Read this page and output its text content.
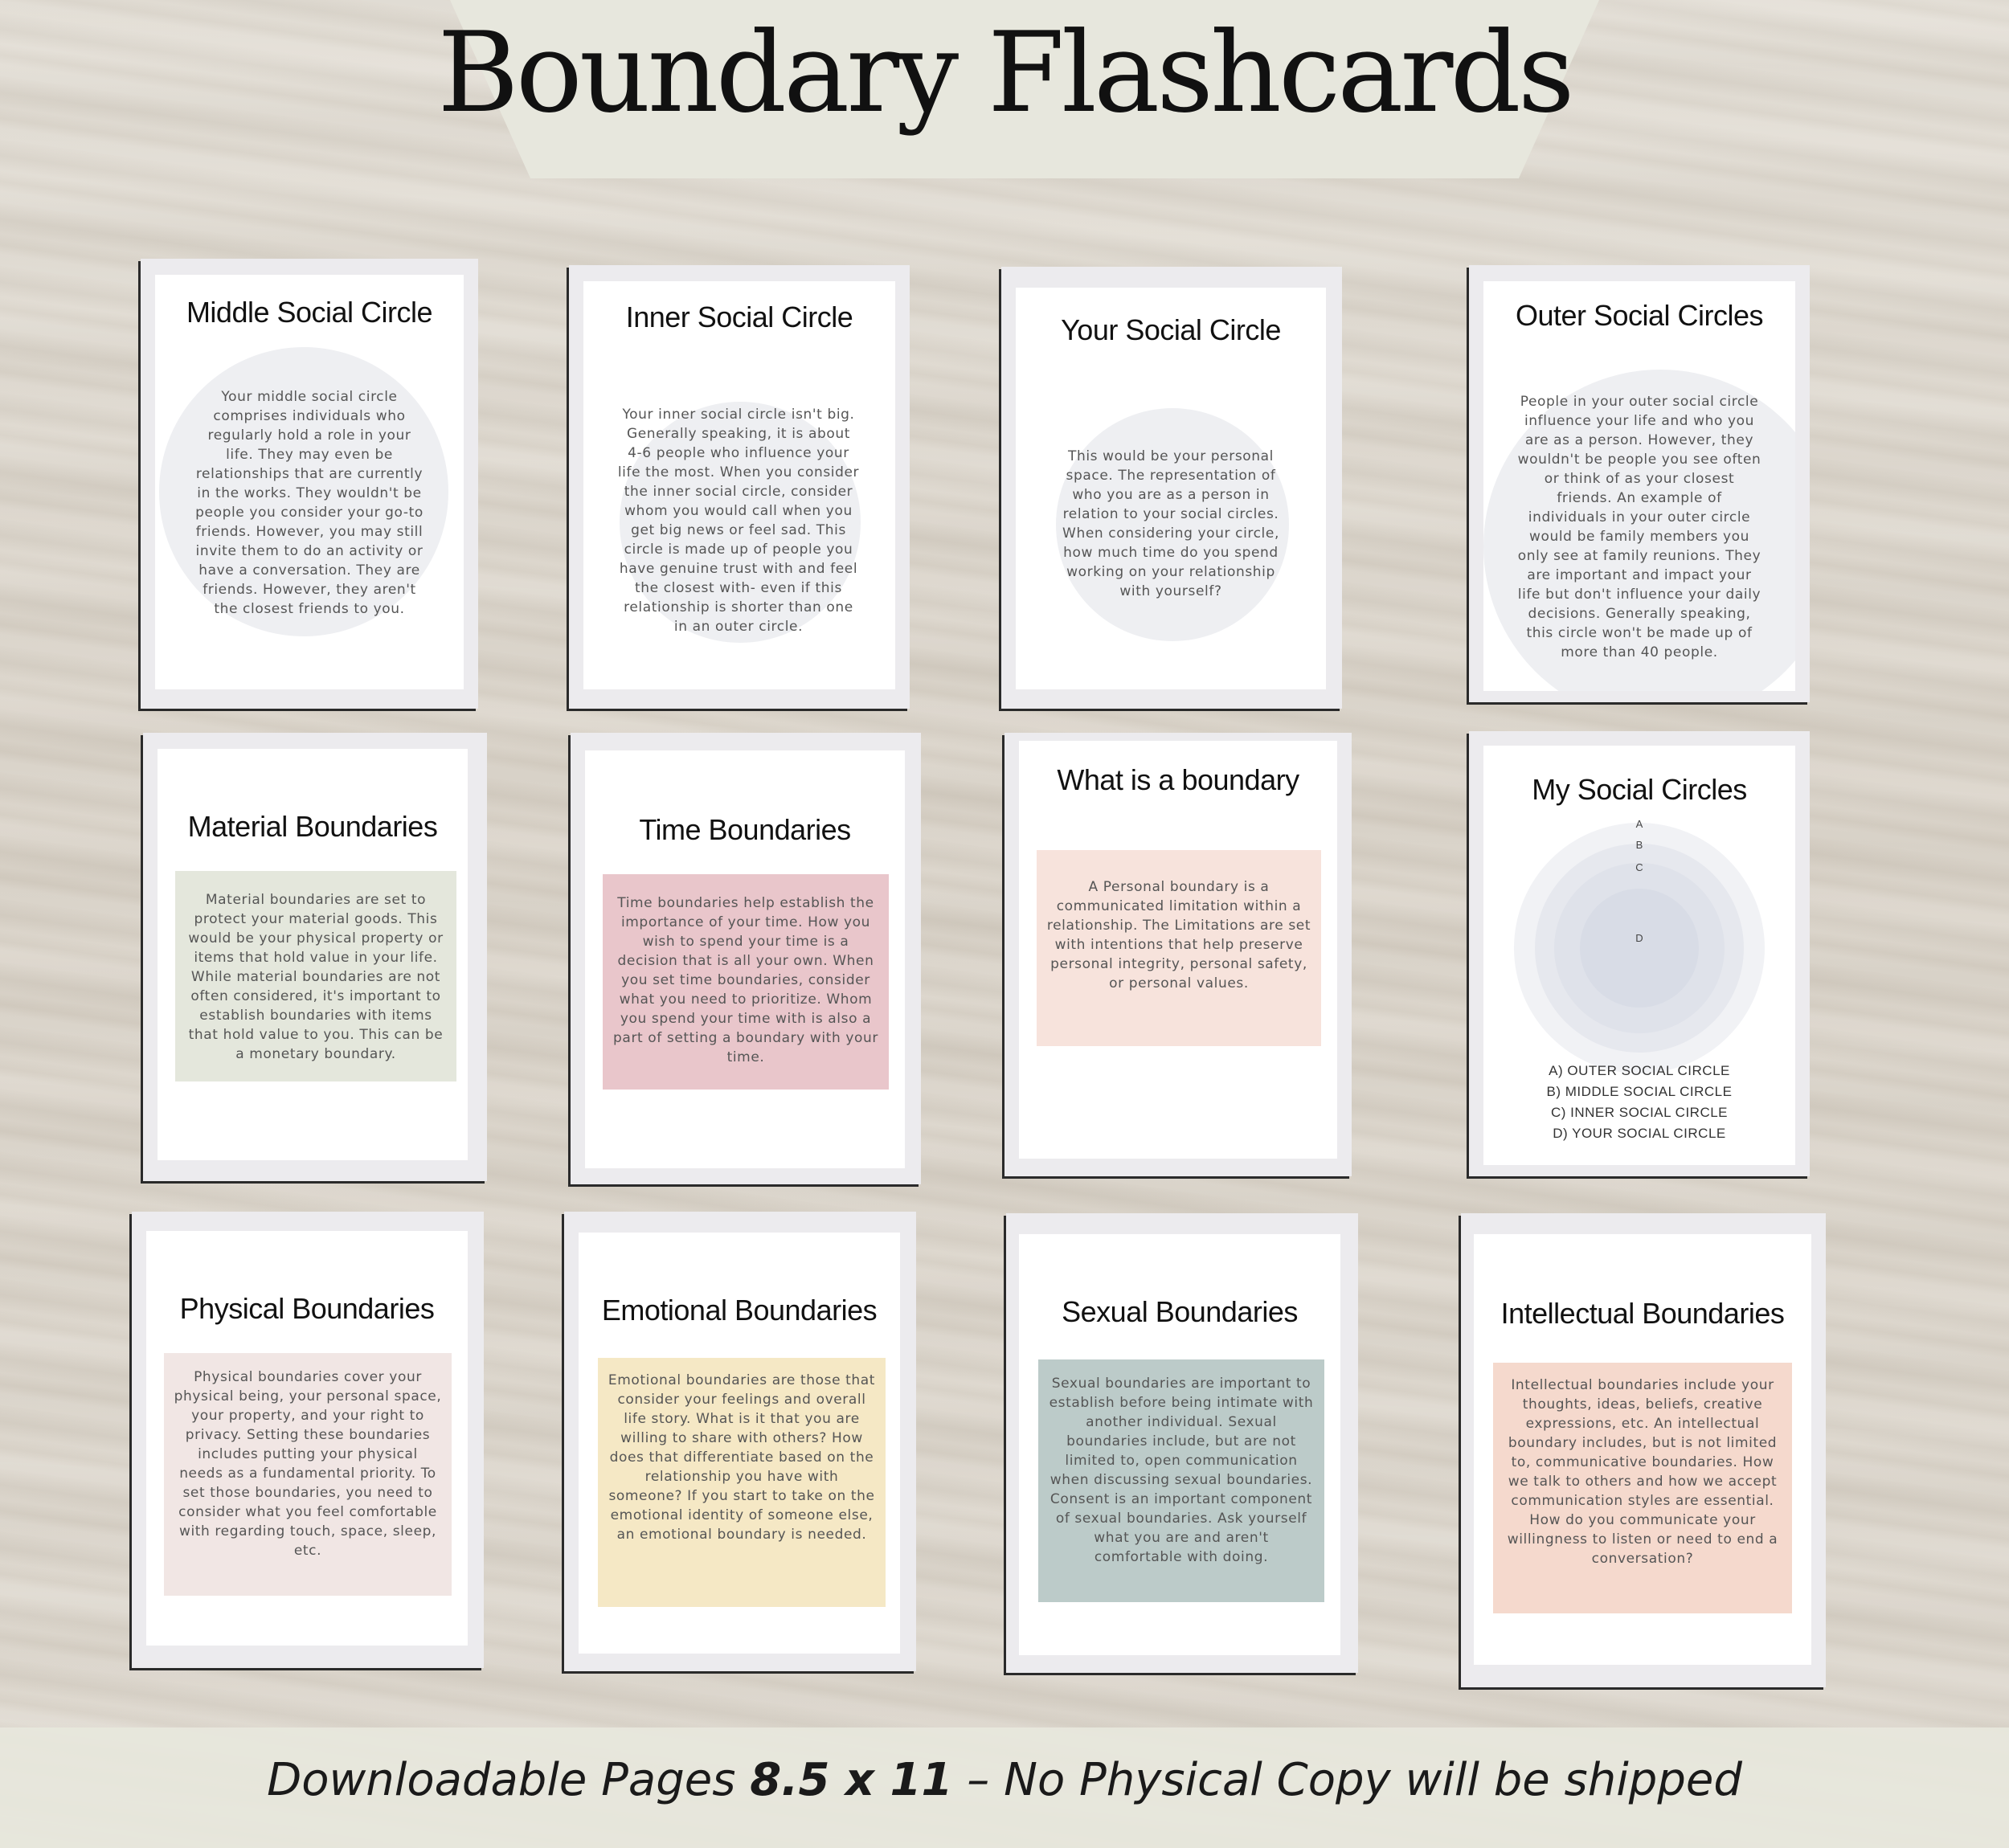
Boundary Flashcards
Middle Social Circle
Your middle social circle comprises individuals who regularly hold a role in your life. They may even be relationships that are currently in the works. They wouldn't be people you consider your go-to friends. However, you may still invite them to do an activity or have a conversation. They are friends. However, they aren't the closest friends to you.
Inner Social Circle
Your inner social circle isn't big. Generally speaking, it is about 4-6 people who influence your life the most. When you consider the inner social circle, consider whom you would call when you get big news or feel sad. This circle is made up of people you have genuine trust with and feel the closest with- even if this relationship is shorter than one in an outer circle.
Your Social Circle
This would be your personal space. The representation of who you are as a person in relation to your social circles. When considering your circle, how much time do you spend working on your relationship with yourself?
Outer Social Circles
People in your outer social circle influence your life and who you are as a person. However, they wouldn't be people you see often or think of as your closest friends. An example of individuals in your outer circle would be family members you only see at family reunions. They are important and impact your life but don't influence your daily decisions. Generally speaking, this circle won't be made up of more than 40 people.
Material Boundaries
Material boundaries are set to protect your material goods. This would be your physical property or items that hold value in your life. While material boundaries are not often considered, it's important to establish boundaries with items that hold value to you. This can be a monetary boundary.
Time Boundaries
Time boundaries help establish the importance of your time. How you wish to spend your time is a decision that is all your own. When you set time boundaries, consider what you need to prioritize. Whom you spend your time with is also a part of setting a boundary with your time.
What is a boundary
A Personal boundary is a communicated limitation within a relationship. The Limitations are set with intentions that help preserve personal integrity, personal safety, or personal values.
My Social Circles
A
B
C
D
A) OUTER SOCIAL CIRCLE
B) MIDDLE SOCIAL CIRCLE
C) INNER SOCIAL CIRCLE
D) YOUR SOCIAL CIRCLE
Physical Boundaries
Physical boundaries cover your physical being, your personal space, your property, and your right to privacy. Setting these boundaries includes putting your physical needs as a fundamental priority. To set those boundaries, you need to consider what you feel comfortable with regarding touch, space, sleep, etc.
Emotional Boundaries
Emotional boundaries are those that consider your feelings and overall life story. What is it that you are willing to share with others? How does that differentiate based on the relationship you have with someone? If you start to take on the emotional identity of someone else, an emotional boundary is needed.
Sexual Boundaries
Sexual boundaries are important to establish before being intimate with another individual. Sexual boundaries include, but are not limited to, open communication when discussing sexual boundaries. Consent is an important component of sexual boundaries. Ask yourself what you are and aren't comfortable with doing.
Intellectual Boundaries
Intellectual boundaries include your thoughts, ideas, beliefs, creative expressions, etc. An intellectual boundary includes, but is not limited to, communicative boundaries. How we talk to others and how we accept communication styles are essential. How do you communicate your willingness to listen or need to end a conversation?
Downloadable Pages 8.5 x 11 – No Physical Copy will be shipped
